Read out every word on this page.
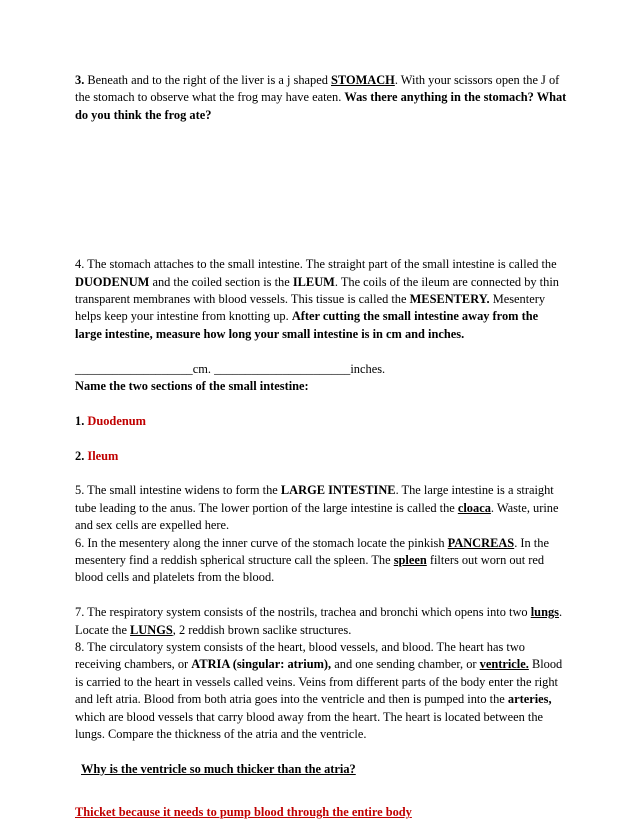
3. Beneath and to the right of the liver is a j shaped STOMACH. With your scissors open the J of the stomach to observe what the frog may have eaten. Was there anything in the stomach? What do you think the frog ate?

4. The stomach attaches to the small intestine. The straight part of the small intestine is called the DUODENUM and the coiled section is the ILEUM. The coils of the ileum are connected by thin transparent membranes with blood vessels. This tissue is called the MESENTERY. Mesentery helps keep your intestine from knotting up. After cutting the small intestine away from the large intestine, measure how long your small intestine is in cm and inches.

___________________cm. ______________________inches.

Name the two sections of the small intestine:

1. Duodenum

2. Ileum

5. The small intestine widens to form the LARGE INTESTINE. The large intestine is a straight tube leading to the anus. The lower portion of the large intestine is called the cloaca. Waste, urine and sex cells are expelled here.

6. In the mesentery along the inner curve of the stomach locate the pinkish PANCREAS. In the mesentery find a reddish spherical structure call the spleen. The spleen filters out worn out red blood cells and platelets from the blood.

7. The respiratory system consists of the nostrils, trachea and bronchi which opens into two lungs. Locate the LUNGS, 2 reddish brown saclike structures.

8. The circulatory system consists of the heart, blood vessels, and blood. The heart has two receiving chambers, or ATRIA (singular: atrium), and one sending chamber, or ventricle. Blood is carried to the heart in vessels called veins. Veins from different parts of the body enter the right and left atria. Blood from both atria goes into the ventricle and then is pumped into the arteries, which are blood vessels that carry blood away from the heart. The heart is located between the lungs. Compare the thickness of the atria and the ventricle.

Why is the ventricle so much thicker than the atria?

Thicket because it needs to pump blood through the entire body
